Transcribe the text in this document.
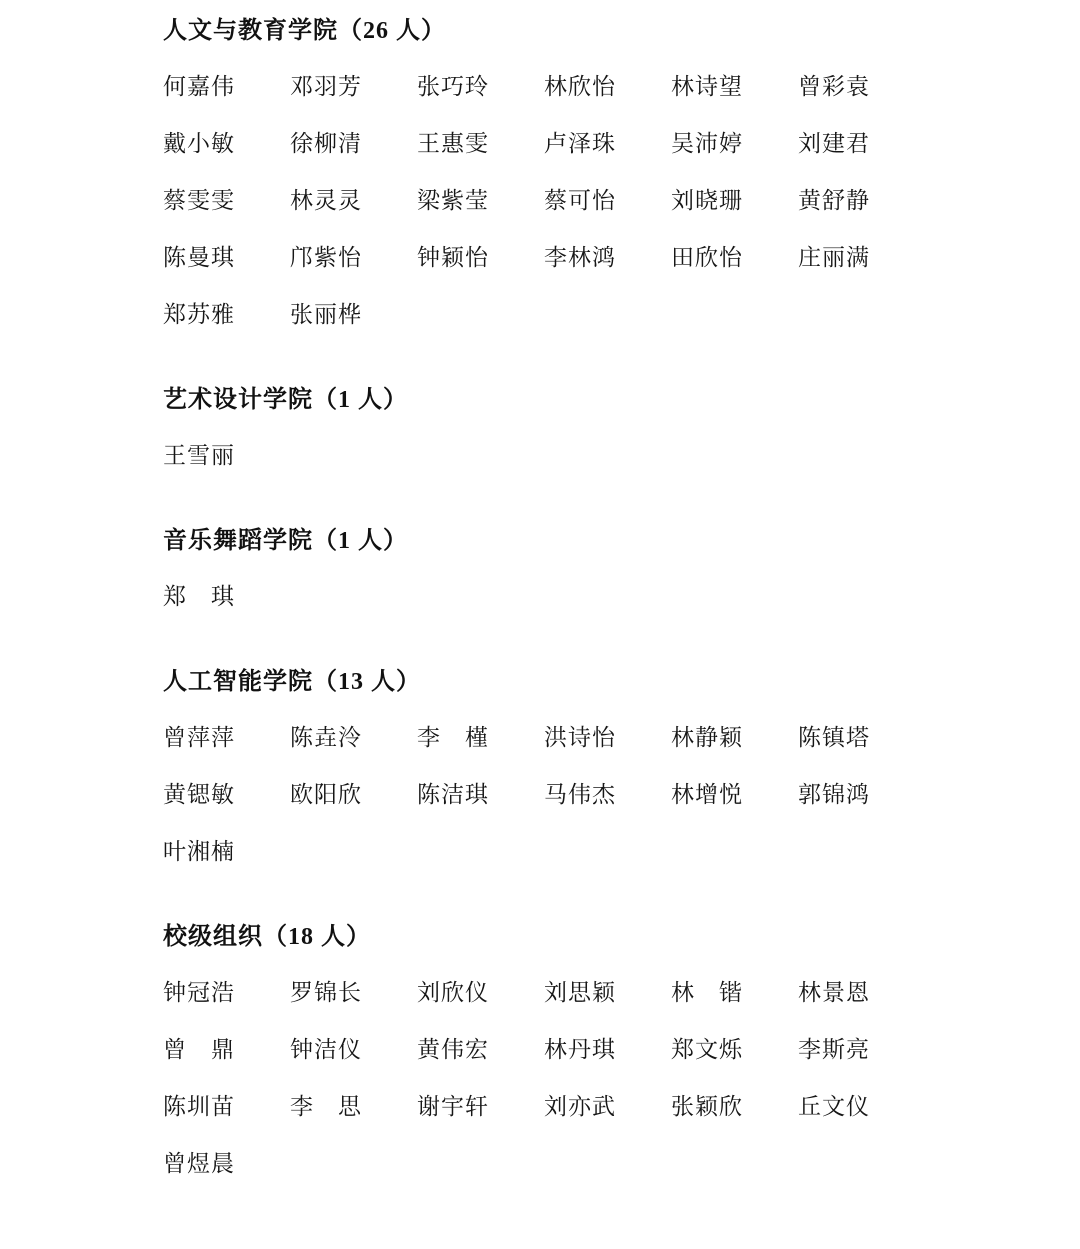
人文与教育学院（26 人）
何嘉伟	邓羽芳	张巧玲	林欣怡	林诗望	曾彩袁
戴小敏	徐柳清	王惠雯	卢泽珠	吴沛婷	刘建君
蔡雯雯	林灵灵	梁紫莹	蔡可怡	刘晓珊	黄舒静
陈曼琪	邝紫怡	钟颖怡	李林鸿	田欣怡	庄丽满
郑苏雅	张丽桦
艺术设计学院（1 人）
王雪丽
音乐舞蹈学院（1 人）
郑　琪
人工智能学院（13 人）
曾萍萍	陈垚泠	李　槿	洪诗怡	林静颖	陈镇塔
黄锶敏	欧阳欣	陈洁琪	马伟杰	林增悦	郭锦鸿
叶湘楠
校级组织（18 人）
钟冠浩	罗锦长	刘欣仪	刘思颖	林　锴	林景恩
曾　鼎	钟洁仪	黄伟宏	林丹琪	郑文烁	李斯亮
陈圳苗	李　思	谢宇轩	刘亦武	张颖欣	丘文仪
曾煜晨
